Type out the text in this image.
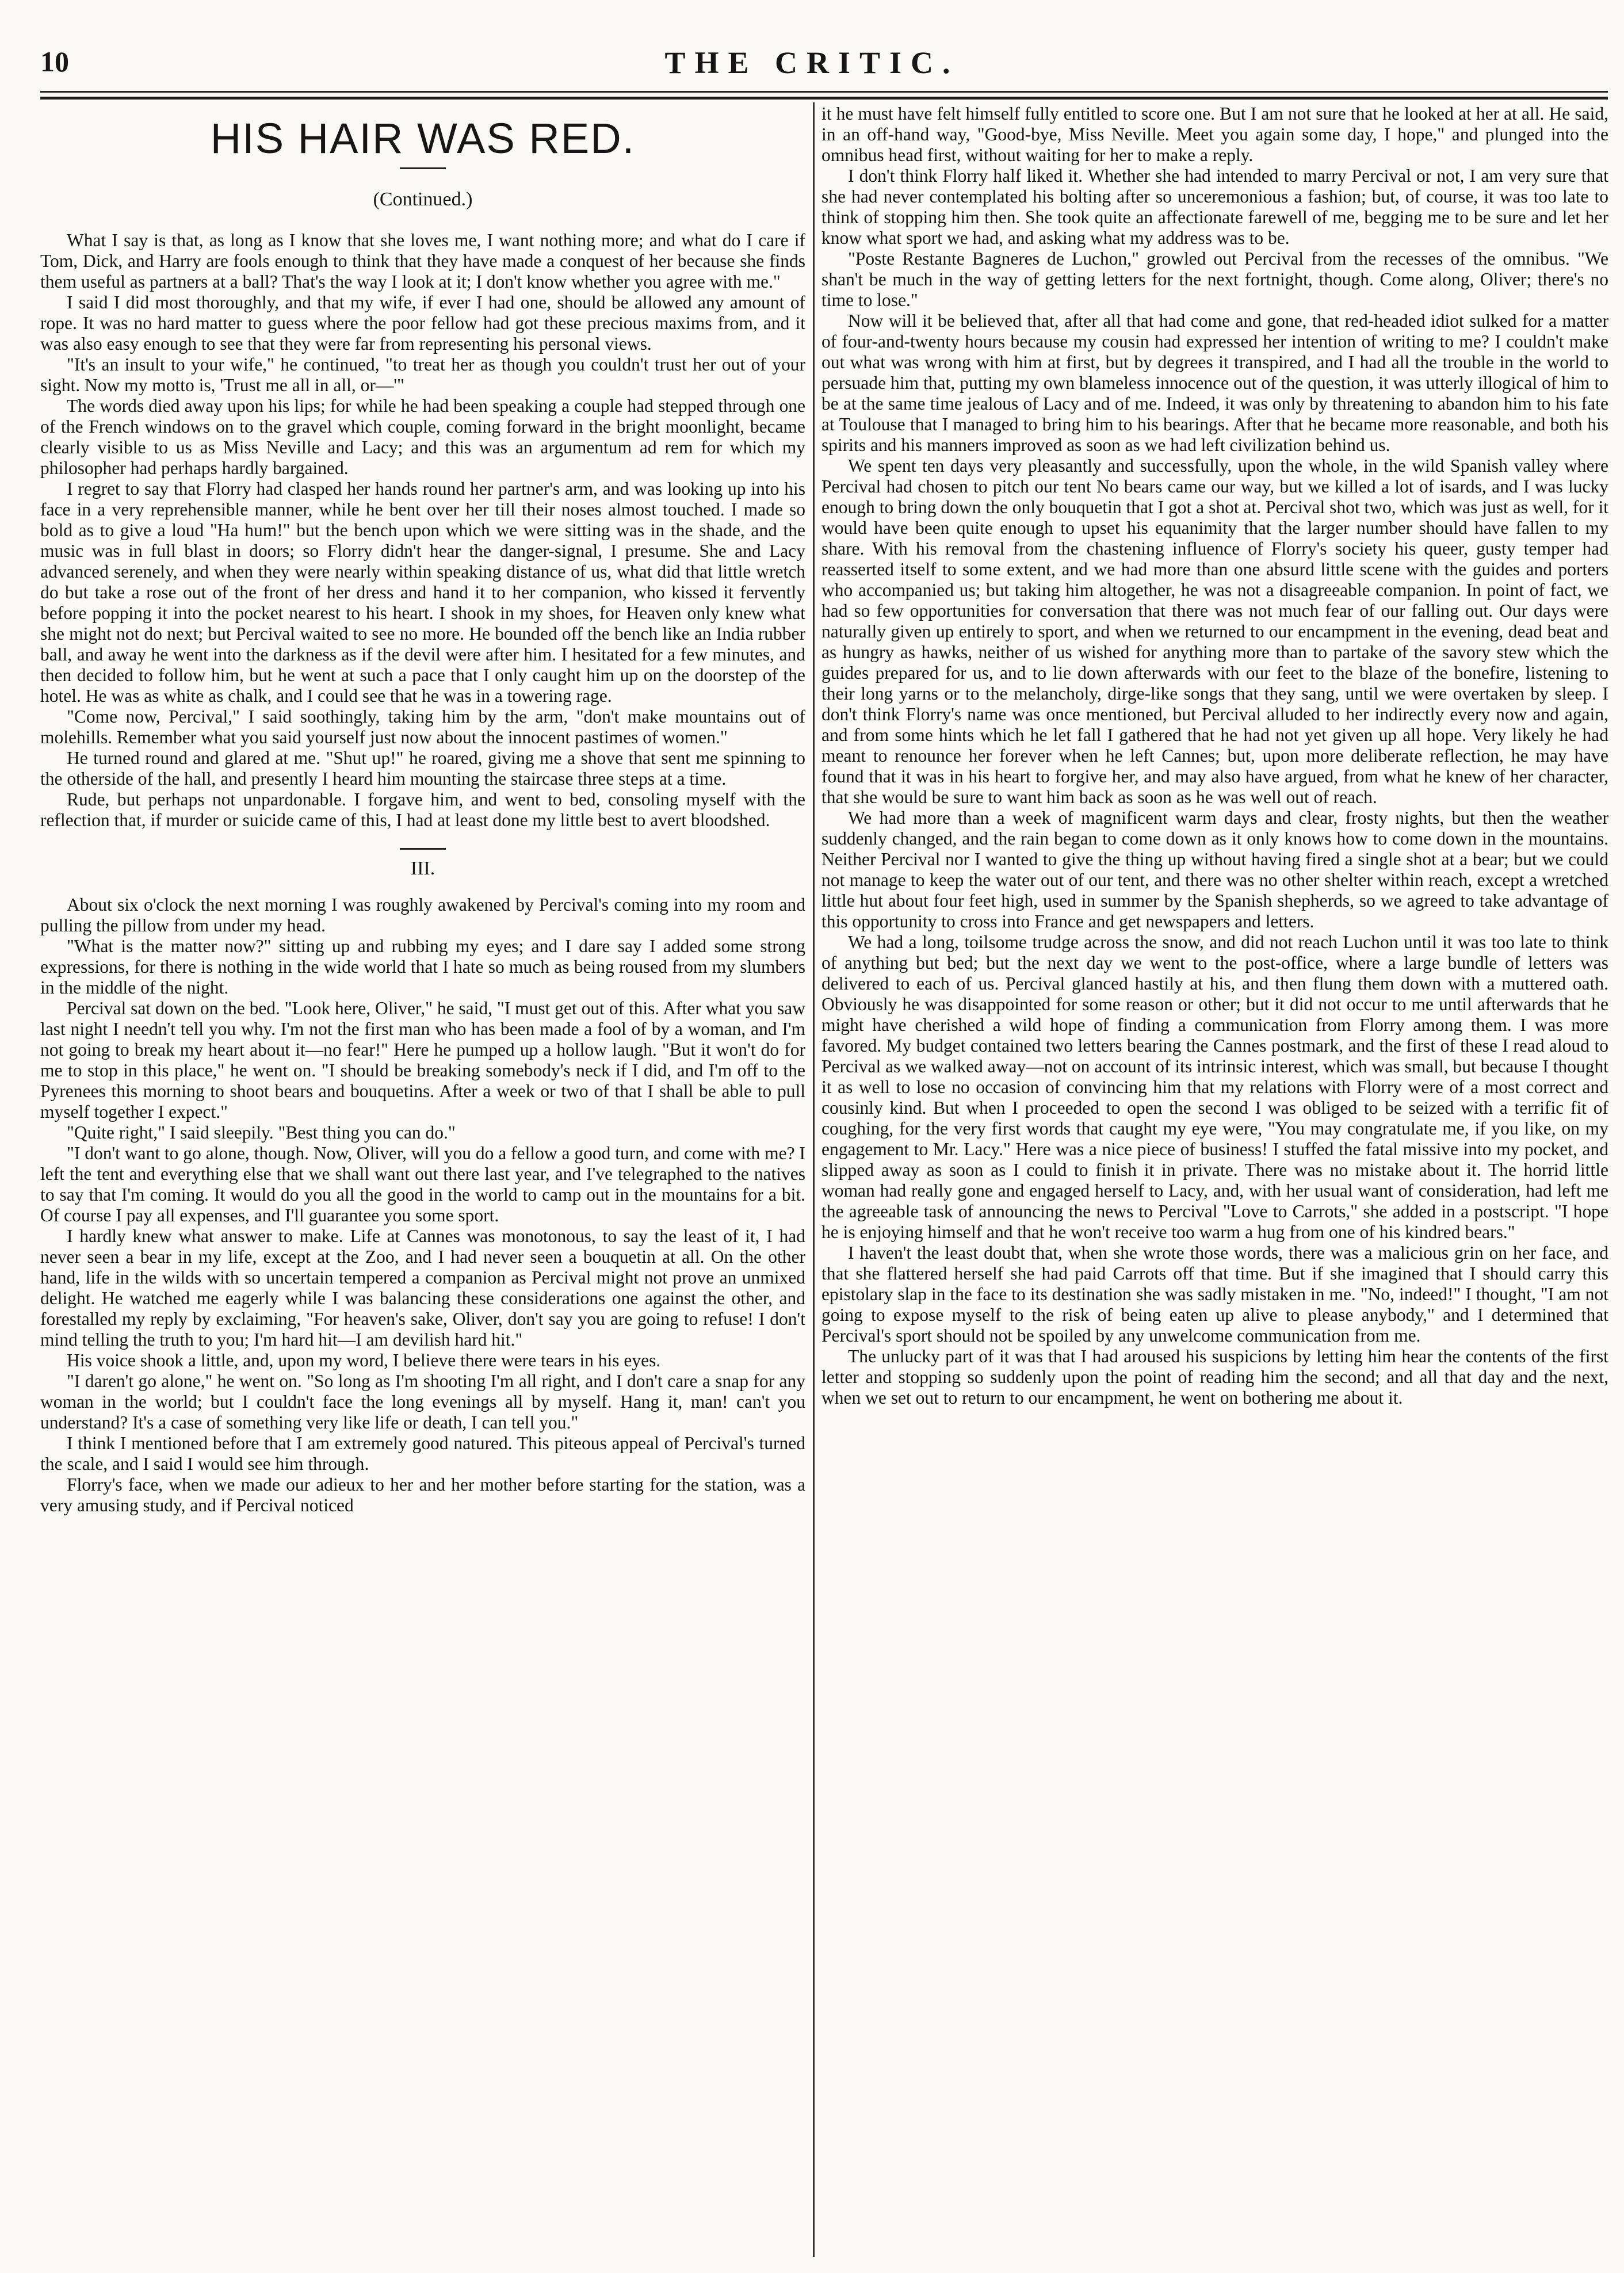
10	THE CRITIC.
HIS HAIR WAS RED.
(Continued.)

What I say is that, as long as I know that she loves me, I want nothing more; and what do I care if Tom, Dick, and Harry are fools enough to think that they have made a conquest of her because she finds them useful as partners at a ball? That's the way I look at it; I don't know whether you agree with me."

I said I did most thoroughly, and that my wife, if ever I had one, should be allowed any amount of rope. It was no hard matter to guess where the poor fellow had got these precious maxims from, and it was also easy enough to see that they were far from representing his personal views.

"It's an insult to your wife," he continued, "to treat her as though you couldn't trust her out of your sight. Now my motto is, 'Trust me all in all, or—'"

The words died away upon his lips; for while he had been speaking a couple had stepped through one of the French windows on to the gravel which couple, coming forward in the bright moonlight, became clearly visible to us as Miss Neville and Lacy; and this was an argumentum ad rem for which my philosopher had perhaps hardly bargained.

I regret to say that Florry had clasped her hands round her partner's arm, and was looking up into his face in a very reprehensible manner, while he bent over her till their noses almost touched. I made so bold as to give a loud "Ha hum!" but the bench upon which we were sitting was in the shade, and the music was in full blast in doors; so Florry didn't hear the danger-signal, I presume. She and Lacy advanced serenely, and when they were nearly within speaking distance of us, what did that little wretch do but take a rose out of the front of her dress and hand it to her companion, who kissed it fervently before popping it into the pocket nearest to his heart. I shook in my shoes, for Heaven only knew what she might not do next; but Percival waited to see no more. He bounded off the bench like an India rubber ball, and away he went into the darkness as if the devil were after him. I hesitated for a few minutes, and then decided to follow him, but he went at such a pace that I only caught him up on the doorstep of the hotel. He was as white as chalk, and I could see that he was in a towering rage.

"Come now, Percival," I said soothingly, taking him by the arm, "don't make mountains out of molehills. Remember what you said yourself just now about the innocent pastimes of women."

He turned round and glared at me. "Shut up!" he roared, giving me a shove that sent me spinning to the otherside of the hall, and presently I heard him mounting the staircase three steps at a time.

Rude, but perhaps not unpardonable. I forgave him, and went to bed, consoling myself with the reflection that, if murder or suicide came of this, I had at least done my little best to avert bloodshed.

III.

About six o'clock the next morning I was roughly awakened by Percival's coming into my room and pulling the pillow from under my head.

"What is the matter now?" sitting up and rubbing my eyes; and I dare say I added some strong expressions, for there is nothing in the wide world that I hate so much as being roused from my slumbers in the middle of the night.

Percival sat down on the bed. "Look here, Oliver," he said, "I must get out of this. After what you saw last night I needn't tell you why. I'm not the first man who has been made a fool of by a woman, and I'm not going to break my heart about it—no fear!" Here he pumped up a hollow laugh. "But it won't do for me to stop in this place," he went on. "I should be breaking somebody's neck if I did, and I'm off to the Pyrenees this morning to shoot bears and bouquetins. After a week or two of that I shall be able to pull myself together I expect."

"Quite right," I said sleepily. "Best thing you can do."

"I don't want to go alone, though. Now, Oliver, will you do a fellow a good turn, and come with me? I left the tent and everything else that we shall want out there last year, and I've telegraphed to the natives to say that I'm coming. It would do you all the good in the world to camp out in the mountains for a bit. Of course I pay all expenses, and I'll guarantee you some sport.

I hardly knew what answer to make. Life at Cannes was monotonous, to say the least of it, I had never seen a bear in my life, except at the Zoo, and I had never seen a bouquetin at all. On the other hand, life in the wilds with so uncertain tempered a companion as Percival might not prove an unmixed delight. He watched me eagerly while I was balancing these considerations one against the other, and forestalled my reply by exclaiming, "For heaven's sake, Oliver, don't say you are going to refuse! I don't mind telling the truth to you; I'm hard hit—I am devilish hard hit."

His voice shook a little, and, upon my word, I believe there were tears in his eyes.

"I daren't go alone," he went on. "So long as I'm shooting I'm all right, and I don't care a snap for any woman in the world; but I couldn't face the long evenings all by myself. Hang it, man! can't you understand? It's a case of something very like life or death, I can tell you."

I think I mentioned before that I am extremely good natured. This piteous appeal of Percival's turned the scale, and I said I would see him through.

Florry's face, when we made our adieux to her and her mother before starting for the station, was a very amusing study, and if Percival noticed

it he must have felt himself fully entitled to score one. But I am not sure that he looked at her at all. He said, in an off-hand way, "Good-bye, Miss Neville. Meet you again some day, I hope," and plunged into the omnibus head first, without waiting for her to make a reply.

I don't think Florry half liked it. Whether she had intended to marry Percival or not, I am very sure that she had never contemplated his bolting after so unceremonious a fashion; but, of course, it was too late to think of stopping him then. She took quite an affectionate farewell of me, begging me to be sure and let her know what sport we had, and asking what my address was to be.

"Poste Restante Bagneres de Luchon," growled out Percival from the recesses of the omnibus. "We shan't be much in the way of getting letters for the next fortnight, though. Come along, Oliver; there's no time to lose."

Now will it be believed that, after all that had come and gone, that red-headed idiot sulked for a matter of four-and-twenty hours because my cousin had expressed her intention of writing to me? I couldn't make out what was wrong with him at first, but by degrees it transpired, and I had all the trouble in the world to persuade him that, putting my own blameless innocence out of the question, it was utterly illogical of him to be at the same time jealous of Lacy and of me. Indeed, it was only by threatening to abandon him to his fate at Toulouse that I managed to bring him to his bearings. After that he became more reasonable, and both his spirits and his manners improved as soon as we had left civilization behind us.

We spent ten days very pleasantly and successfully, upon the whole, in the wild Spanish valley where Percival had chosen to pitch our tent No bears came our way, but we killed a lot of isards, and I was lucky enough to bring down the only bouquetin that I got a shot at. Percival shot two, which was just as well, for it would have been quite enough to upset his equanimity that the larger number should have fallen to my share. With his removal from the chastening influence of Florry's society his queer, gusty temper had reasserted itself to some extent, and we had more than one absurd little scene with the guides and porters who accompanied us; but taking him altogether, he was not a disagreeable companion. In point of fact, we had so few opportunities for conversation that there was not much fear of our falling out. Our days were naturally given up entirely to sport, and when we returned to our encampment in the evening, dead beat and as hungry as hawks, neither of us wished for anything more than to partake of the savory stew which the guides prepared for us, and to lie down afterwards with our feet to the blaze of the bonefire, listening to their long yarns or to the melancholy, dirge-like songs that they sang, until we were overtaken by sleep. I don't think Florry's name was once mentioned, but Percival alluded to her indirectly every now and again, and from some hints which he let fall I gathered that he had not yet given up all hope. Very likely he had meant to renounce her forever when he left Cannes; but, upon more deliberate reflection, he may have found that it was in his heart to forgive her, and may also have argued, from what he knew of her character, that she would be sure to want him back as soon as he was well out of reach.

We had more than a week of magnificent warm days and clear, frosty nights, but then the weather suddenly changed, and the rain began to come down as it only knows how to come down in the mountains. Neither Percival nor I wanted to give the thing up without having fired a single shot at a bear; but we could not manage to keep the water out of our tent, and there was no other shelter within reach, except a wretched little hut about four feet high, used in summer by the Spanish shepherds, so we agreed to take advantage of this opportunity to cross into France and get newspapers and letters.

We had a long, toilsome trudge across the snow, and did not reach Luchon until it was too late to think of anything but bed; but the next day we went to the post-office, where a large bundle of letters was delivered to each of us. Percival glanced hastily at his, and then flung them down with a muttered oath. Obviously he was disappointed for some reason or other; but it did not occur to me until afterwards that he might have cherished a wild hope of finding a communication from Florry among them. I was more favored. My budget contained two letters bearing the Cannes postmark, and the first of these I read aloud to Percival as we walked away—not on account of its intrinsic interest, which was small, but because I thought it as well to lose no occasion of convincing him that my relations with Florry were of a most correct and cousinly kind. But when I proceeded to open the second I was obliged to be seized with a terrific fit of coughing, for the very first words that caught my eye were, "You may congratulate me, if you like, on my engagement to Mr. Lacy." Here was a nice piece of business! I stuffed the fatal missive into my pocket, and slipped away as soon as I could to finish it in private. There was no mistake about it. The horrid little woman had really gone and engaged herself to Lacy, and, with her usual want of consideration, had left me the agreeable task of announcing the news to Percival "Love to Carrots," she added in a postscript. "I hope he is enjoying himself and that he won't receive too warm a hug from one of his kindred bears."

I haven't the least doubt that, when she wrote those words, there was a malicious grin on her face, and that she flattered herself she had paid Carrots off that time. But if she imagined that I should carry this epistolary slap in the face to its destination she was sadly mistaken in me. "No, indeed!" I thought, "I am not going to expose myself to the risk of being eaten up alive to please anybody," and I determined that Percival's sport should not be spoiled by any unwelcome communication from me.

The unlucky part of it was that I had aroused his suspicions by letting him hear the contents of the first letter and stopping so suddenly upon the point of reading him the second; and all that day and the next, when we set out to return to our encampment, he went on bothering me about it.
